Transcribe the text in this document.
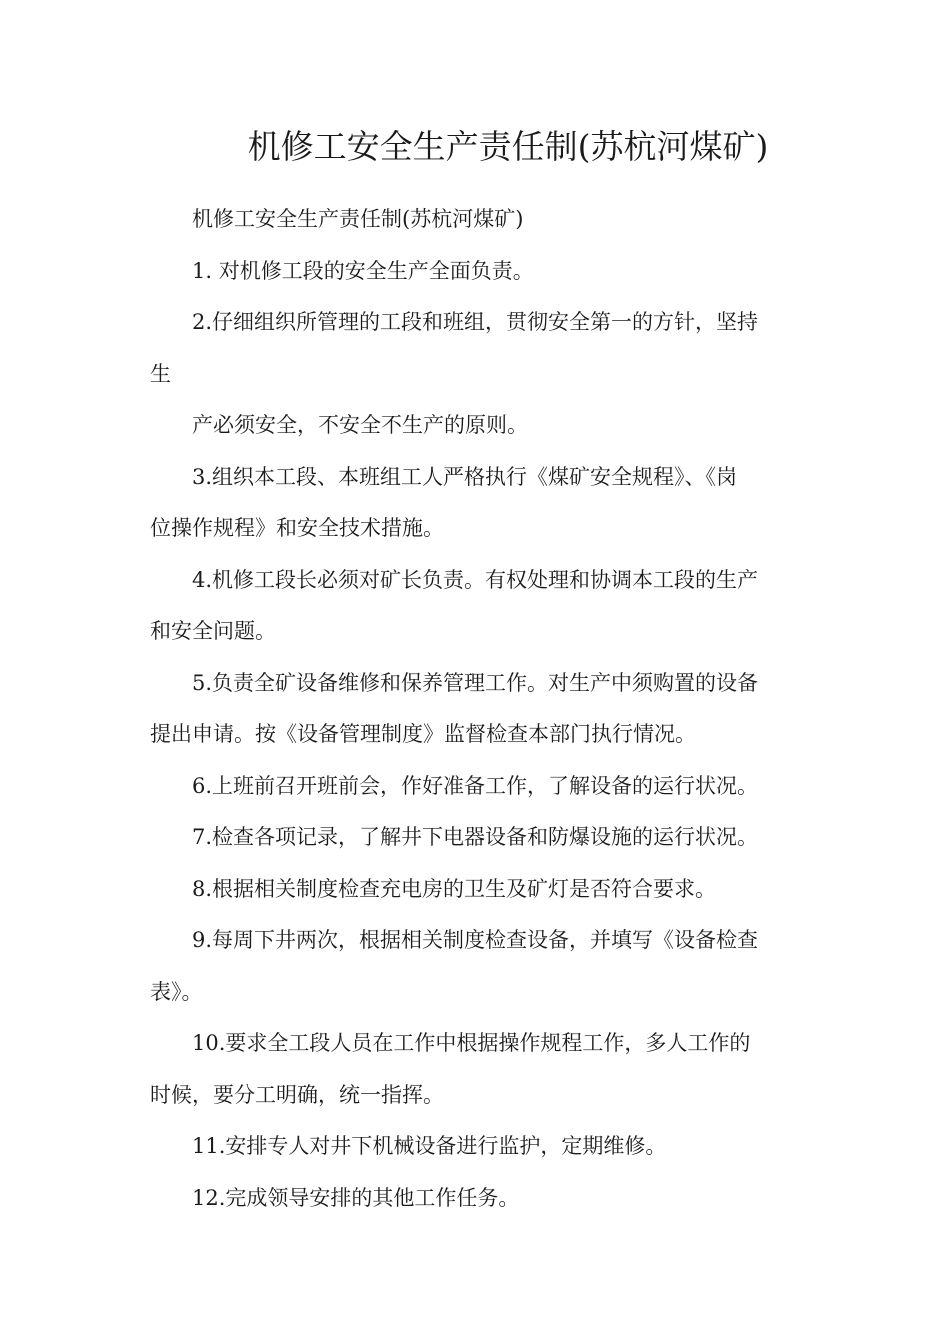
机修工安全生产责任制(苏杭河煤矿)
机修工安全生产责任制(苏杭河煤矿)
1. 对机修工段的安全生产全面负责。
2.仔细组织所管理的工段和班组，贯彻安全第一的方针，坚持
生
产必须安全，不安全不生产的原则。
3.组织本工段、本班组工人严格执行《煤矿安全规程》、《岗
位操作规程》和安全技术措施。
4.机修工段长必须对矿长负责。有权处理和协调本工段的生产
和安全问题。
5.负责全矿设备维修和保养管理工作。对生产中须购置的设备
提出申请。按《设备管理制度》监督检查本部门执行情况。
6.上班前召开班前会，作好准备工作，了解设备的运行状况。
7.检查各项记录，了解井下电器设备和防爆设施的运行状况。
8.根据相关制度检查充电房的卫生及矿灯是否符合要求。
9.每周下井两次，根据相关制度检查设备，并填写《设备检查
表》。
10.要求全工段人员在工作中根据操作规程工作，多人工作的
时候，要分工明确，统一指挥。
11.安排专人对井下机械设备进行监护，定期维修。
12.完成领导安排的其他工作任务。
